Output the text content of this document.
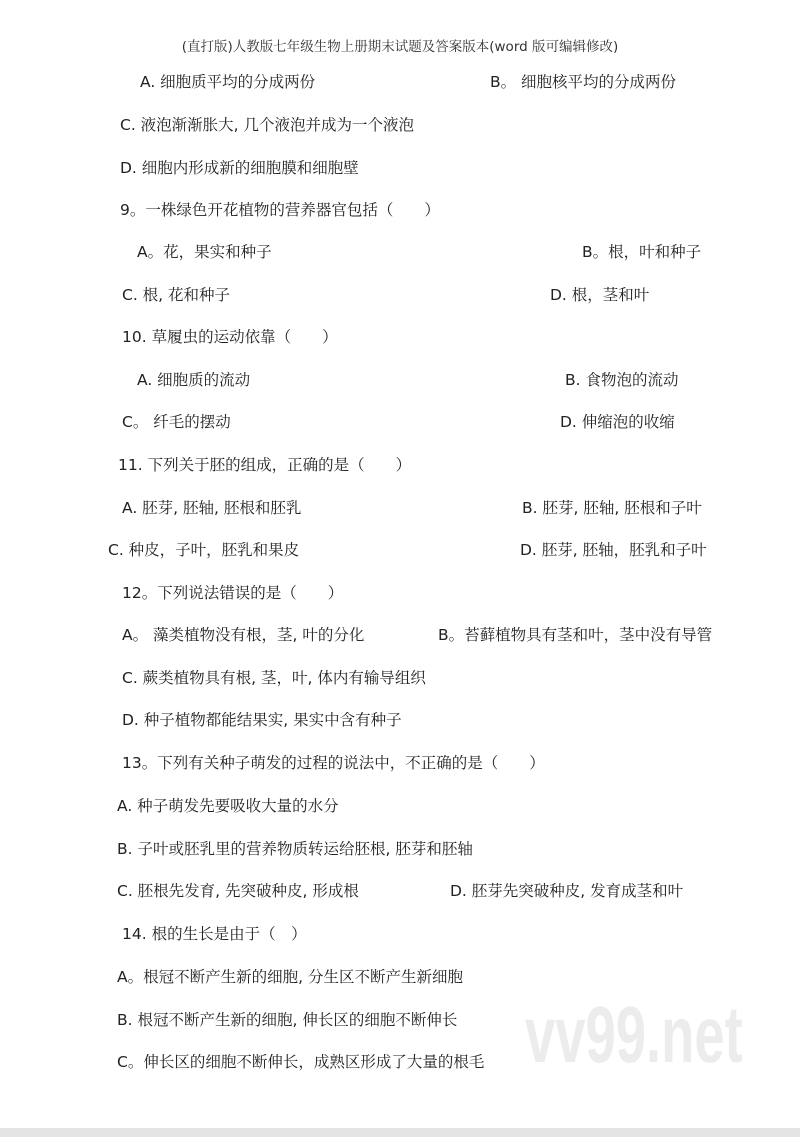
(直打版)人教版七年级生物上册期末试题及答案版本(word 版可编辑修改)
A. 细胞质平均的分成两份	B。 细胞核平均的分成两份
C. 液泡渐渐胀大, 几个液泡并成为一个液泡
D. 细胞内形成新的细胞膜和细胞壁
9。一株绿色开花植物的营养器官包括（　　）
A。花，果实和种子	B。根，叶和种子
C. 根, 花和种子	D. 根，茎和叶
10. 草履虫的运动依靠（　　）
A. 细胞质的流动	B. 食物泡的流动
C。 纤毛的摆动	D. 伸缩泡的收缩
11. 下列关于胚的组成，正确的是（　　）
A. 胚芽, 胚轴, 胚根和胚乳	B. 胚芽, 胚轴, 胚根和子叶
C. 种皮，子叶，胚乳和果皮	D. 胚芽, 胚轴，胚乳和子叶
12。下列说法错误的是（　　）
A。 藻类植物没有根，茎, 叶的分化	B。苔藓植物具有茎和叶，茎中没有导管
C. 蕨类植物具有根, 茎，叶, 体内有输导组织
D. 种子植物都能结果实, 果实中含有种子
13。下列有关种子萌发的过程的说法中，不正确的是（　　）
A. 种子萌发先要吸收大量的水分
B. 子叶或胚乳里的营养物质转运给胚根, 胚芽和胚轴
C. 胚根先发育, 先突破种皮, 形成根	D. 胚芽先突破种皮, 发育成茎和叶
14. 根的生长是由于（　）
A。根冠不断产生新的细胞, 分生区不断产生新细胞
vv99.net
B. 根冠不断产生新的细胞, 伸长区的细胞不断伸长
C。伸长区的细胞不断伸长，成熟区形成了大量的根毛
